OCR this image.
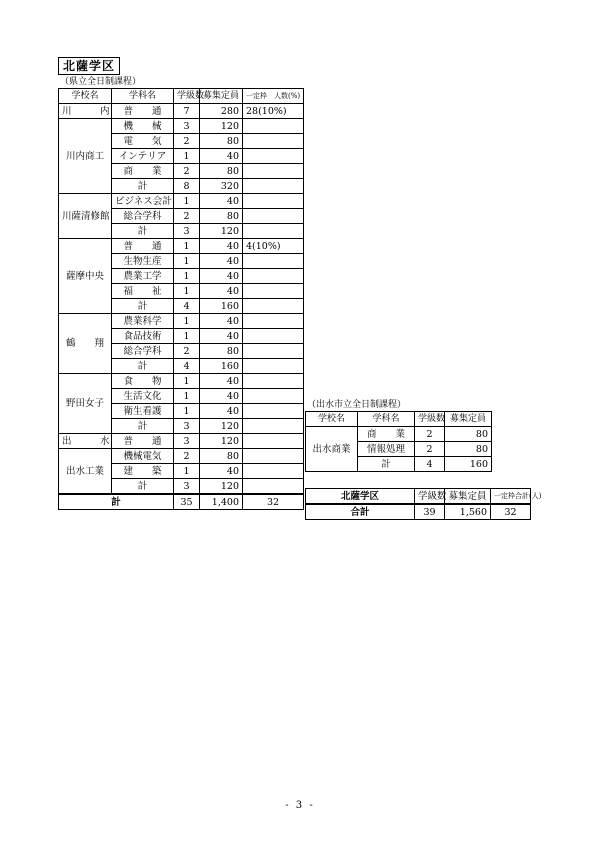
北薩学区
（県立全日制課程）
学校名	学科名	学級数	募集定員	一定枠　人数(%)
川　　　内	普　　通	7	280	28(10%)
川内商工	機　　械	3	120	
	電　　気	2	80	
	インテリア	1	40	
	商　　業	2	80	
	計	8	320	
川薩清修館	ビジネス会計	1	40	
	総合学科	2	80	
	計	3	120	
薩摩中央	普　　通	1	40	4(10%)
	生物生産	1	40	
	農業工学	1	40	
	福　　祉	1	40	
	計	4	160	
鶴　　翔	農業科学	1	40	
	食品技術	1	40	
	総合学科	2	80	
	計	4	160	
野田女子	食　　物	1	40	
	生活文化	1	40	
	衛生看護	1	40	
	計	3	120	
出　　　水	普　　通	3	120	
出水工業	機械電気	2	80	
	建　　築	1	40	
	計	3	120	
計		35	1,400	32
（出水市立全日制課程）
学校名	学科名	学級数	募集定員
出水商業	商　　業	2	80
	情報処理	2	80
	計	4	160
北薩学区	学級数	募集定員	一定枠合計(人)
合計	39	1,560	32
- 3 -
